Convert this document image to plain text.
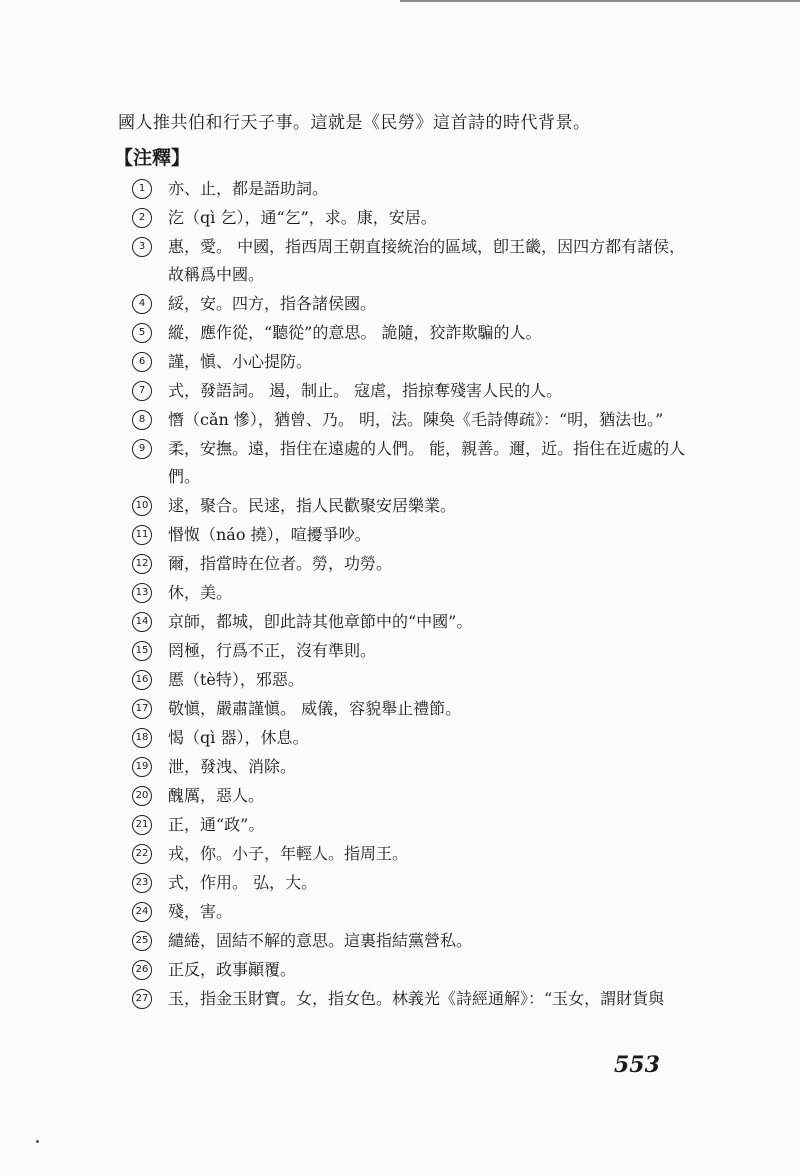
國人推共伯和行天子事。這就是《民勞》這首詩的時代背景。
【注釋】
1	亦、止，都是語助詞。
2	汔（qì 乞），通“乞”，求。康，安居。
3	惠，愛。 中國，指西周王朝直接統治的區域，卽王畿，因四方都有諸侯，故稱爲中國。
4	綏，安。四方，指各諸侯國。
5	縱，應作從，“聽從”的意思。 詭隨，狡詐欺騙的人。
6	謹，愼、小心提防。
7	式，發語詞。 遏，制止。 寇虐，指掠奪殘害人民的人。
8	憯（cǎn 慘），猶曾、乃。 明，法。陳奐《毛詩傳疏》：“明，猶法也。”
9	柔，安撫。遠，指住在遠處的人們。 能，親善。邇，近。指住在近處的人們。
10 逑，聚合。民逑，指人民歡聚安居樂業。
11 惽怓（náo 撓），喧擾爭吵。
12 爾，指當時在位者。勞，功勞。
13 休，美。
14 京師，都城，卽此詩其他章節中的“中國”。
15 罔極，行爲不正，沒有準則。
16 慝（tè特），邪惡。
17 敬愼，嚴肅謹愼。 威儀，容貌舉止禮節。
18 愒（qì 器），休息。
19 泄，發洩、消除。
20 醜厲，惡人。
21 正，通“政”。
22 戎，你。小子，年輕人。指周王。
23 式，作用。 弘，大。
24 殘，害。
25 繾綣，固結不解的意思。這裏指結黨營私。
26 正反，政事顚覆。
27 玉，指金玉財寶。女，指女色。林義光《詩經通解》：“玉女，謂財貨與
553
